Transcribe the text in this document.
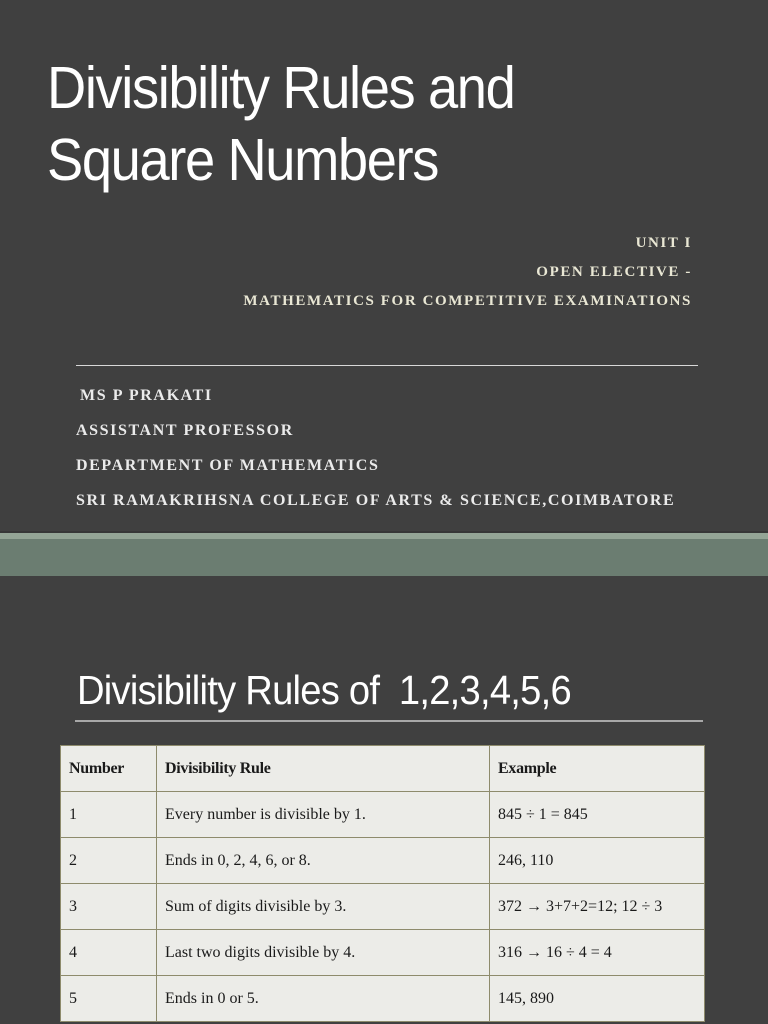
Divisibility Rules and
Square Numbers
UNIT I
OPEN ELECTIVE -
MATHEMATICS FOR COMPETITIVE EXAMINATIONS
MS P PRAKATI
ASSISTANT PROFESSOR
DEPARTMENT OF MATHEMATICS
SRI RAMAKRIHSNA COLLEGE OF ARTS & SCIENCE,COIMBATORE
Divisibility Rules of  1,2,3,4,5,6
Number	Divisibility Rule	Example
1	Every number is divisible by 1.	845 ÷ 1 = 845
2	Ends in 0, 2, 4, 6, or 8.	246, 110
3	Sum of digits divisible by 3.	372 → 3+7+2=12; 12 ÷ 3
4	Last two digits divisible by 4.	316 → 16 ÷ 4 = 4
5	Ends in 0 or 5.	145, 890
